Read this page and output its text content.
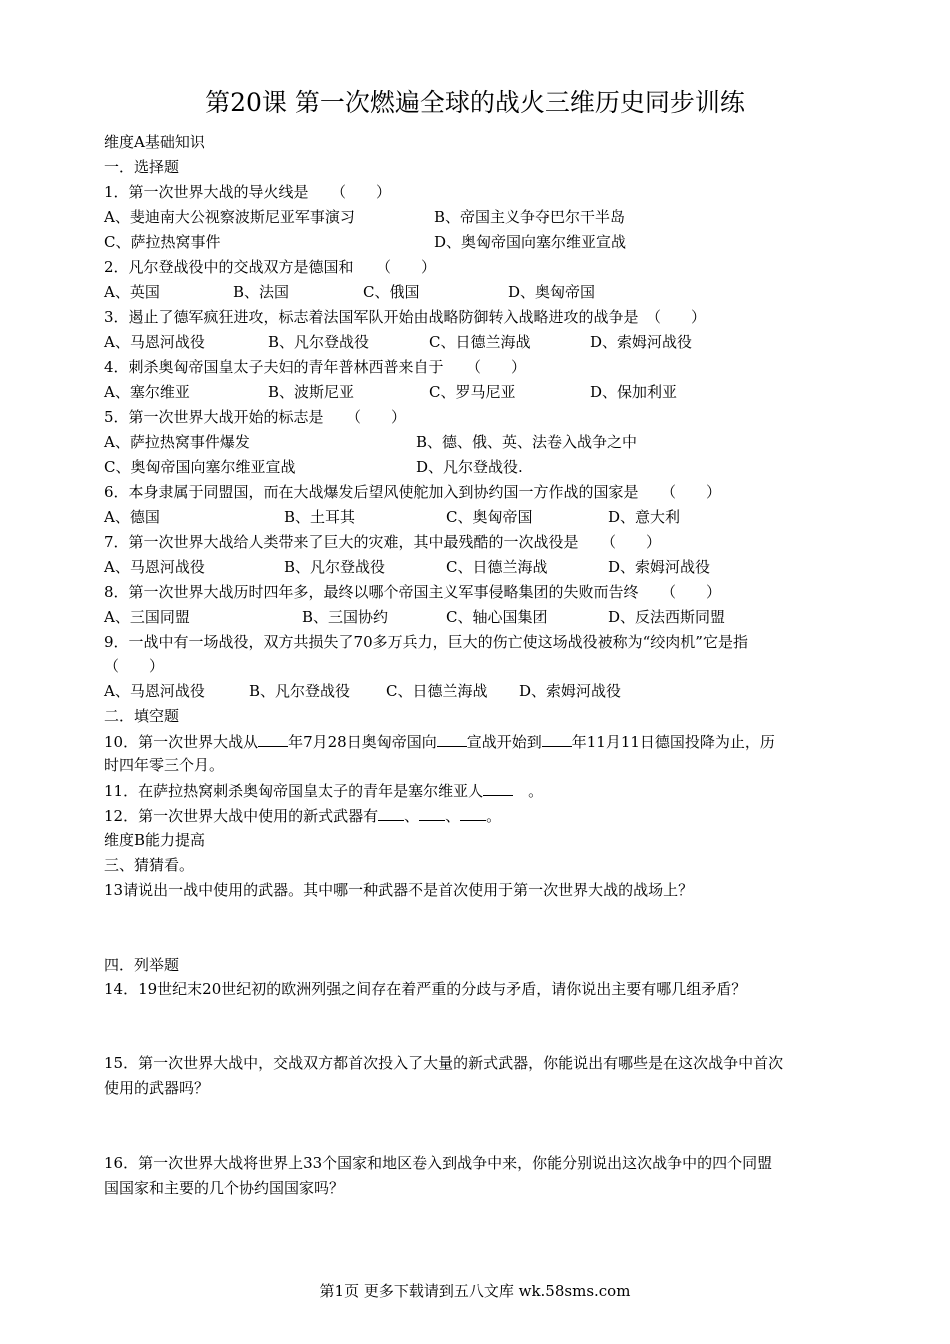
第20课 第一次燃遍全球的战火三维历史同步训练
维度A基础知识
一．选择题
1．第一次世界大战的导火线是　　（　　）
A、斐迪南大公视察波斯尼亚军事演习	B、帝国主义争夺巴尔干半岛
C、萨拉热窝事件	D、奥匈帝国向塞尔维亚宣战
2．凡尔登战役中的交战双方是德国和　　（　　）
A、英国	B、法国	C、俄国	D、奥匈帝国
3．遏止了德军疯狂进攻，标志着法国军队开始由战略防御转入战略进攻的战争是　（　　）
A、马恩河战役	B、凡尔登战役	C、日德兰海战	D、索姆河战役
4．刺杀奥匈帝国皇太子夫妇的青年普林西普来自于　　（　　）
A、塞尔维亚	B、波斯尼亚	C、罗马尼亚	D、保加利亚
5．第一次世界大战开始的标志是　　（　　）
A、萨拉热窝事件爆发	B、德、俄、英、法卷入战争之中
C、奥匈帝国向塞尔维亚宣战	D、凡尔登战役.
6．本身隶属于同盟国，而在大战爆发后望风使舵加入到协约国一方作战的国家是　　（　　）
A、德国	B、土耳其	C、奥匈帝国	D、意大利
7．第一次世界大战给人类带来了巨大的灾难，其中最残酷的一次战役是　　（　　）
A、马恩河战役	B、凡尔登战役	C、日德兰海战	D、索姆河战役
8．第一次世界大战历时四年多，最终以哪个帝国主义军事侵略集团的失败而告终　　（　　）
A、三国同盟	B、三国协约	C、轴心国集团	D、反法西斯同盟
9．一战中有一场战役，双方共损失了70多万兵力，巨大的伤亡使这场战役被称为“绞肉机”它是指
（　　）
A、马恩河战役	B、凡尔登战役 C、日德兰海战 D、索姆河战役
二．填空题
10．第一次世界大战从 年7月28日奥匈帝国向 宣战开始到 年11月11日德国投降为止，历
时四年零三个月。
11．在萨拉热窝刺杀奥匈帝国皇太子的青年是塞尔维亚人　。
12．第一次世界大战中使用的新式武器有 、 、 。
维度B能力提高
三、猜猜看。
13请说出一战中使用的武器。其中哪一种武器不是首次使用于第一次世界大战的战场上？
四．列举题
14．19世纪末20世纪初的欧洲列强之间存在着严重的分歧与矛盾，请你说出主要有哪几组矛盾？
15．第一次世界大战中，交战双方都首次投入了大量的新式武器，你能说出有哪些是在这次战争中首次
使用的武器吗？
16．第一次世界大战将世界上33个国家和地区卷入到战争中来，你能分别说出这次战争中的四个同盟
国国家和主要的几个协约国国家吗？
第1页 更多下载请到五八文库 wk.58sms.com
